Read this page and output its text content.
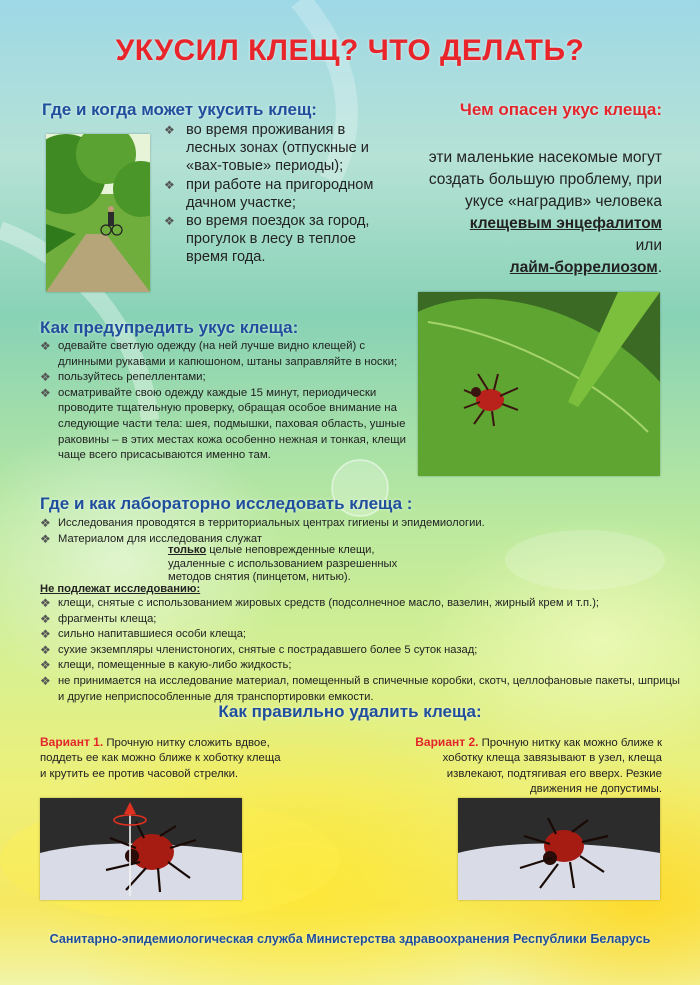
УКУСИЛ КЛЕЩ? ЧТО ДЕЛАТЬ?
Где и когда может укусить клещ:
❖ во время проживания в лесных зонах (отпускные и «вах-товые» периоды);
❖ при работе на пригородном дачном участке;
❖ во время поездок за город, прогулок в лесу в теплое время года.
Чем опасен укус клеща:
эти маленькие насекомые могут создать большую проблему, при укусе «наградив» человека
клещевым энцефалитом
или
лайм-боррелиозом.
Как предупредить укус клеща:
❖ одевайте светлую одежду (на ней лучше видно клещей) с длинными рукавами и капюшоном, штаны заправляйте в носки;
❖ пользуйтесь репеллентами;
❖ осматривайте свою одежду каждые 15 минут, периодически проводите тщательную проверку, обращая особое внимание на следующие части тела: шея, подмышки, паховая область, ушные раковины – в этих местах кожа особенно нежная и тонкая, клещи чаще всего присасываются именно там.
Где и как лабораторно исследовать клеща :
❖ Исследования проводятся в территориальных центрах гигиены и эпидемиологии.
❖ Материалом для исследования служат
только целые неповрежденные клещи, удаленные с использованием разрешенных методов снятия (пинцетом, нитью).
Не подлежат исследованию:
❖ клещи, снятые с использованием жировых средств (подсолнечное масло, вазелин, жирный крем и т.п.);
❖ фрагменты клеща;
❖ сильно напитавшиеся особи клеща;
❖ сухие экземпляры членистоногих, снятые с пострадавшего более 5 суток назад;
❖ клещи, помещенные в какую-либо жидкость;
❖ не принимается на исследование материал, помещенный в спичечные коробки, скотч, целлофановые пакеты, шприцы и другие неприспособленные для транспортировки емкости.
Как правильно удалить клеща:
Вариант 1. Прочную нитку сложить вдвое, поддеть ее как можно ближе к хоботку клеща и крутить ее против часовой стрелки.
Вариант 2. Прочную нитку как можно ближе к хоботку клеща завязывают в узел, клеща извлекают, подтягивая его вверх. Резкие движения не допустимы.
Санитарно-эпидемиологическая служба Министерства здравоохранения Республики Беларусь
